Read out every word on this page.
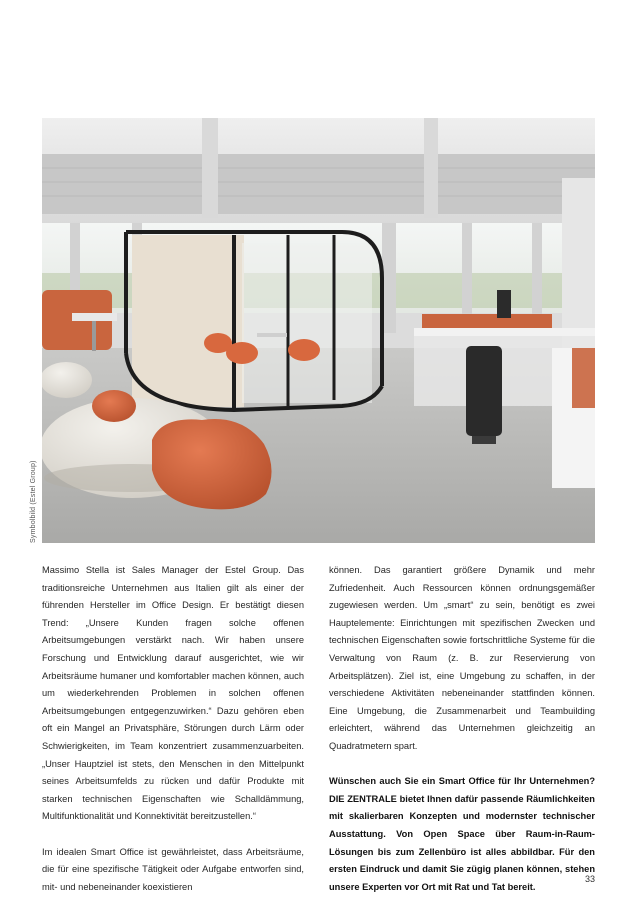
Symbolbild (Estel Group)

Massimo Stella ist Sales Manager der Estel Group. Das traditionsreiche Unternehmen aus Italien gilt als einer der führenden Hersteller im Office Design. Er bestätigt diesen Trend: „Unsere Kunden fragen solche offenen Arbeitsumgebungen verstärkt nach. Wir haben unsere Forschung und Entwicklung darauf ausgerichtet, wie wir Arbeitsräume humaner und komfortabler machen können, auch um wiederkehrenden Problemen in solchen offenen Arbeitsumgebungen entgegenzuwirken.“ Dazu gehören eben oft ein Mangel an Privatsphäre, Störungen durch Lärm oder Schwierigkeiten, im Team konzentriert zusammenzuarbeiten. „Unser Hauptziel ist stets, den Menschen in den Mittelpunkt seines Arbeitsumfelds zu rücken und dafür Produkte mit starken technischen Eigenschaften wie Schalldämmung, Multifunktionalität und Konnektivität bereitzustellen.“

Im idealen Smart Office ist gewährleistet, dass Arbeitsräume, die für eine spezifische Tätigkeit oder Aufgabe entworfen sind, mit- und nebeneinander koexistieren

können. Das garantiert größere Dynamik und mehr Zufriedenheit. Auch Ressourcen können ordnungsgemäßer zugewiesen werden. Um „smart“ zu sein, benötigt es zwei Hauptelemente: Einrichtungen mit spezifischen Zwecken und technischen Eigenschaften sowie fortschrittliche Systeme für die Verwaltung von Raum (z. B. zur Reservierung von Arbeitsplätzen). Ziel ist, eine Umgebung zu schaffen, in der verschiedene Aktivitäten nebeneinander stattfinden können. Eine Umgebung, die Zusammenarbeit und Teambuilding erleichtert, während das Unternehmen gleichzeitig an Quadratmetern spart.

Wünschen auch Sie ein Smart Office für Ihr Unternehmen? DIE ZENTRALE bietet Ihnen dafür passende Räumlichkeiten mit skalierbaren Konzepten und modernster technischer Ausstattung. Von Open Space über Raum-in-Raum-Lösungen bis zum Zellenbüro ist alles abbildbar. Für den ersten Eindruck und damit Sie zügig planen können, stehen unsere Experten vor Ort mit Rat und Tat bereit.

33
